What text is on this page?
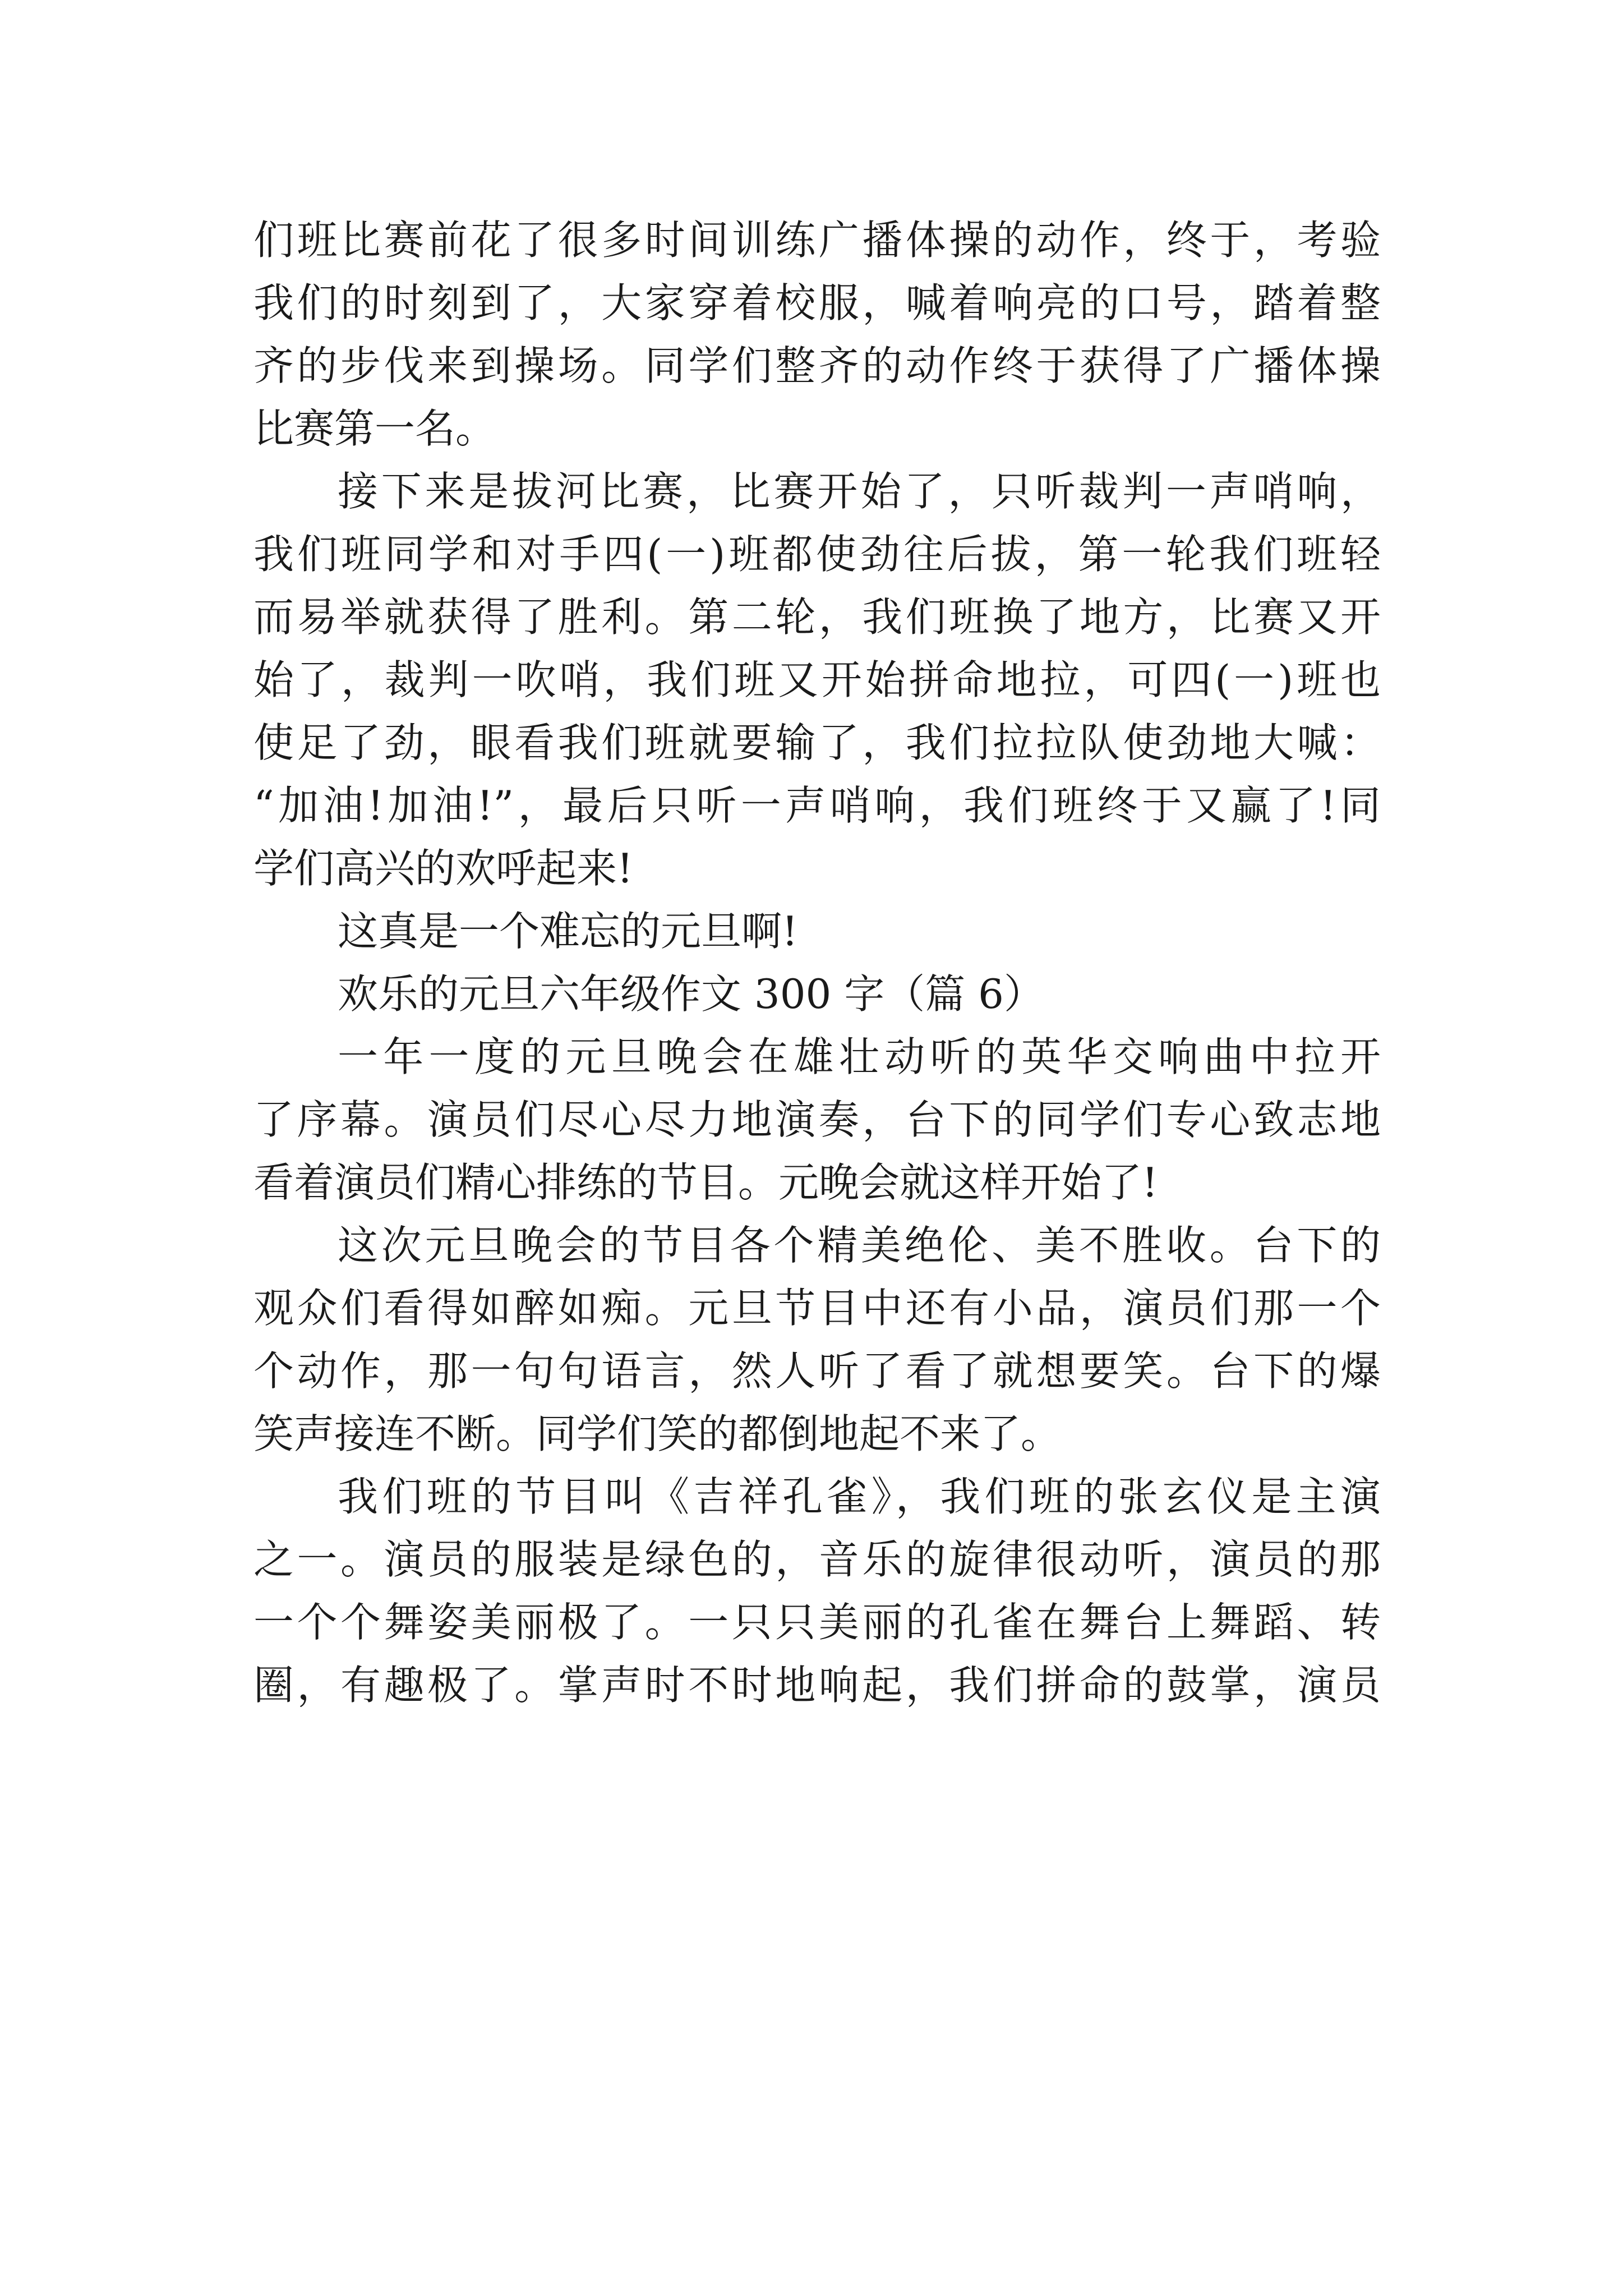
们班比赛前花了很多时间训练广播体操的动作，终于，考验
我们的时刻到了，大家穿着校服，喊着响亮的口号，踏着整
齐的步伐来到操场。同学们整齐的动作终于获得了广播体操
比赛第一名。
接下来是拔河比赛，比赛开始了，只听裁判一声哨响，
我们班同学和对手四(一)班都使劲往后拔，第一轮我们班轻
而易举就获得了胜利。第二轮，我们班换了地方，比赛又开
始了，裁判一吹哨，我们班又开始拼命地拉，可四(一)班也
使足了劲，眼看我们班就要输了，我们拉拉队使劲地大喊：
“加油!加油!”，最后只听一声哨响，我们班终于又赢了!同
学们高兴的欢呼起来!
这真是一个难忘的元旦啊!
欢乐的元旦六年级作文 300 字（篇 6）
一年一度的元旦晚会在雄壮动听的英华交响曲中拉开
了序幕。演员们尽心尽力地演奏，台下的同学们专心致志地
看着演员们精心排练的节目。元晚会就这样开始了!
这次元旦晚会的节目各个精美绝伦、美不胜收。台下的
观众们看得如醉如痴。元旦节目中还有小品，演员们那一个
个动作，那一句句语言，然人听了看了就想要笑。台下的爆
笑声接连不断。同学们笑的都倒地起不来了。
我们班的节目叫《吉祥孔雀》，我们班的张玄仪是主演
之一。演员的服装是绿色的，音乐的旋律很动听，演员的那
一个个舞姿美丽极了。一只只美丽的孔雀在舞台上舞蹈、转
圈，有趣极了。掌声时不时地响起，我们拼命的鼓掌，演员
